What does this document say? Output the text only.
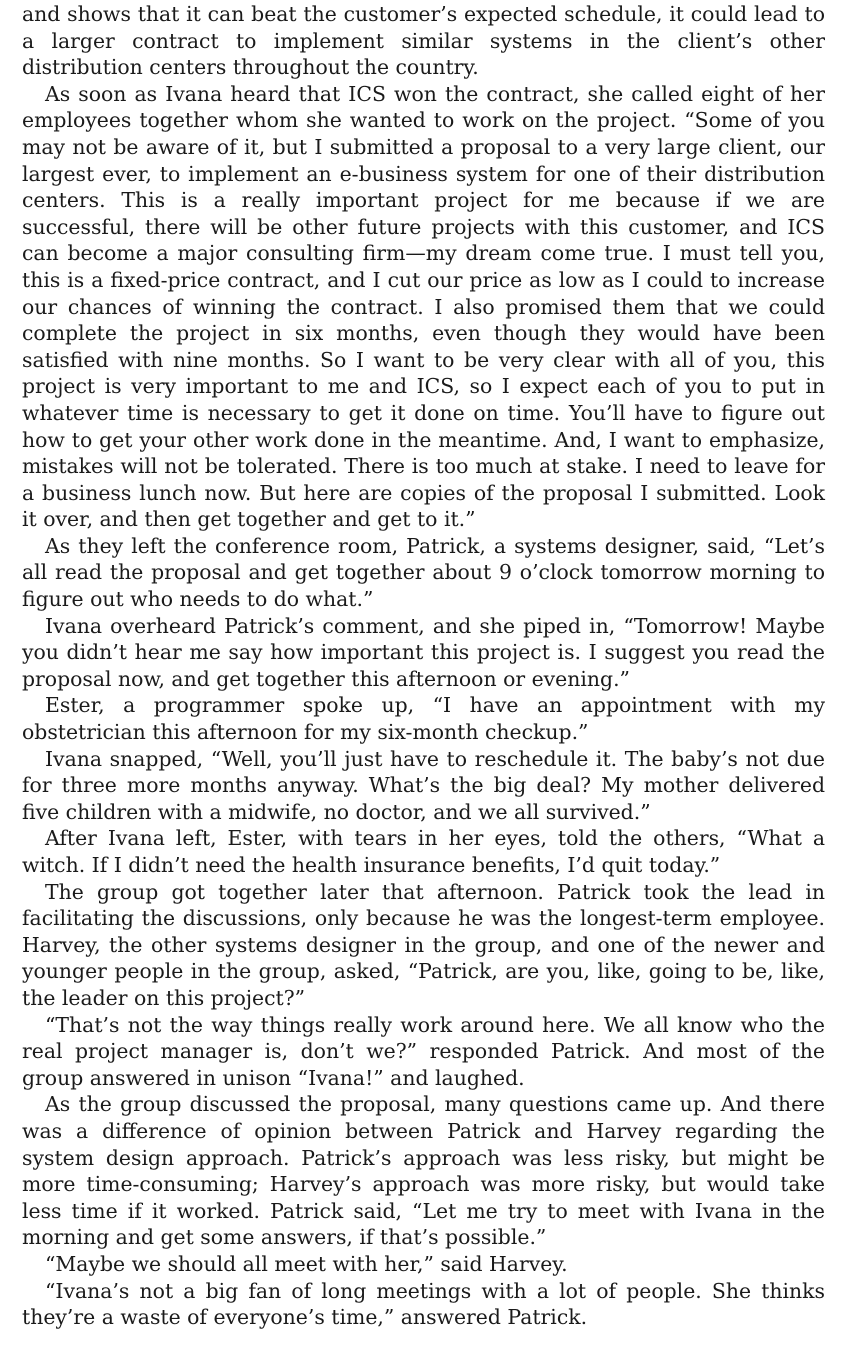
and shows that it can beat the customer’s expected schedule, it could lead to a larger contract to implement similar systems in the client’s other distribution centers throughout the country.

As soon as Ivana heard that ICS won the contract, she called eight of her employees together whom she wanted to work on the project. “Some of you may not be aware of it, but I submitted a proposal to a very large client, our largest ever, to implement an e-business system for one of their distribution centers. This is a really important project for me because if we are successful, there will be other future projects with this customer, and ICS can become a major consulting firm—my dream come true. I must tell you, this is a fixed-price contract, and I cut our price as low as I could to increase our chances of winning the contract. I also promised them that we could complete the project in six months, even though they would have been satisfied with nine months. So I want to be very clear with all of you, this project is very important to me and ICS, so I expect each of you to put in whatever time is necessary to get it done on time. You’ll have to figure out how to get your other work done in the meantime. And, I want to emphasize, mistakes will not be tolerated. There is too much at stake. I need to leave for a business lunch now. But here are copies of the proposal I submitted. Look it over, and then get together and get to it.”

As they left the conference room, Patrick, a systems designer, said, “Let’s all read the proposal and get together about 9 o’clock tomorrow morning to figure out who needs to do what.”

Ivana overheard Patrick’s comment, and she piped in, “Tomorrow! Maybe you didn’t hear me say how important this project is. I suggest you read the proposal now, and get together this afternoon or evening.”

Ester, a programmer spoke up, “I have an appointment with my obstetrician this afternoon for my six-month checkup.”

Ivana snapped, “Well, you’ll just have to reschedule it. The baby’s not due for three more months anyway. What’s the big deal? My mother delivered five children with a midwife, no doctor, and we all survived.”

After Ivana left, Ester, with tears in her eyes, told the others, “What a witch. If I didn’t need the health insurance benefits, I’d quit today.”

The group got together later that afternoon. Patrick took the lead in facilitating the discussions, only because he was the longest-term employee. Harvey, the other systems designer in the group, and one of the newer and younger people in the group, asked, “Patrick, are you, like, going to be, like, the leader on this project?”

“That’s not the way things really work around here. We all know who the real project manager is, don’t we?” responded Patrick. And most of the group answered in unison “Ivana!” and laughed.

As the group discussed the proposal, many questions came up. And there was a difference of opinion between Patrick and Harvey regarding the system design approach. Patrick’s approach was less risky, but might be more time-consuming; Harvey’s approach was more risky, but would take less time if it worked. Patrick said, “Let me try to meet with Ivana in the morning and get some answers, if that’s possible.”

“Maybe we should all meet with her,” said Harvey.

“Ivana’s not a big fan of long meetings with a lot of people. She thinks they’re a waste of everyone’s time,” answered Patrick.
